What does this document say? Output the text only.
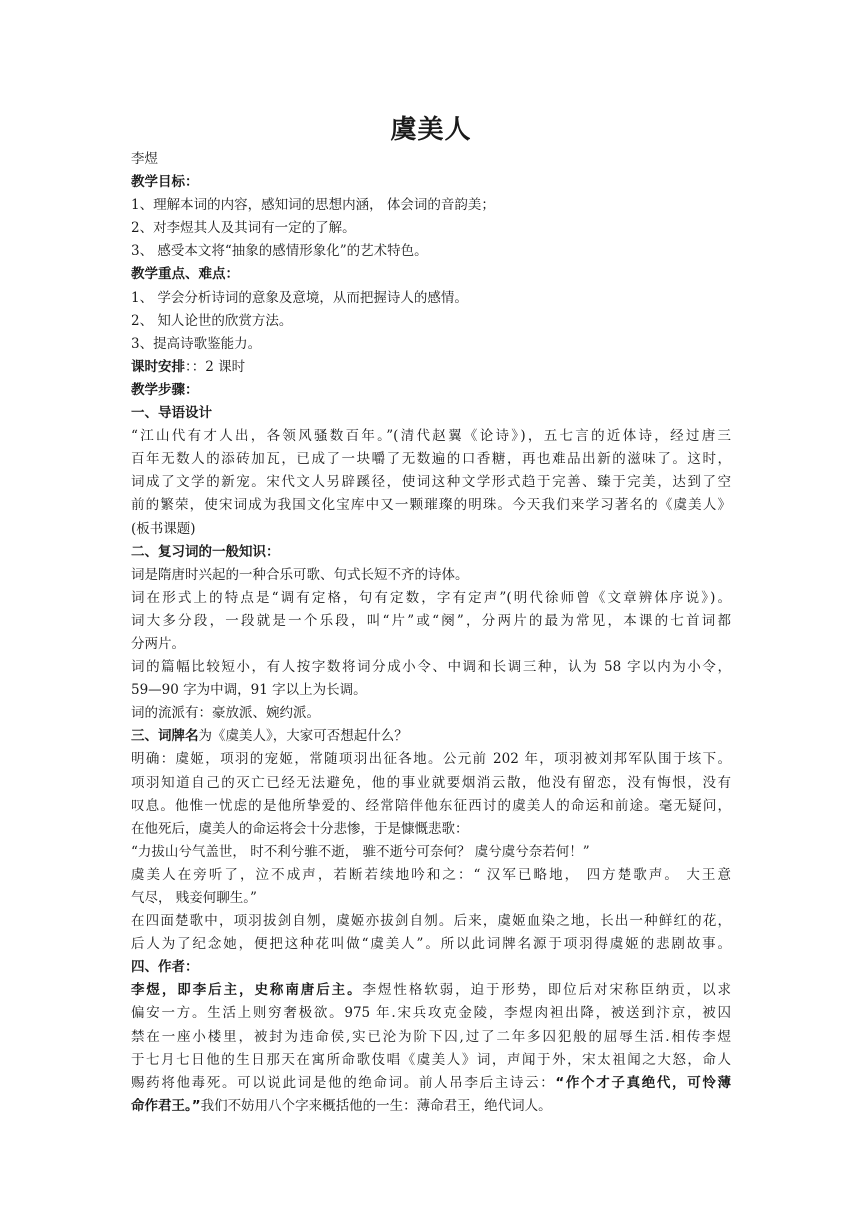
虞美人
李煜
教学目标：
1、理解本词的内容，感知词的思想内涵， 体会词的音韵美；
2、对李煜其人及其词有一定的了解。
3、 感受本文将“抽象的感情形象化”的艺术特色。
教学重点、难点：
1、 学会分析诗词的意象及意境，从而把握诗人的感情。
2、 知人论世的欣赏方法。
3、提高诗歌鉴能力。
课时安排：：2 课时
教学步骤：
一、导语设计
“江山代有才人出，各领风骚数百年。”(清代赵翼《论诗》)，五七言的近体诗，经过唐三
百年无数人的添砖加瓦，已成了一块嚼了无数遍的口香糖，再也难品出新的滋味了。这时，
词成了文学的新宠。宋代文人另辟蹊径，使词这种文学形式趋于完善、臻于完美，达到了空
前的繁荣，使宋词成为我国文化宝库中又一颗璀璨的明珠。今天我们来学习著名的《虞美人》
(板书课题)
二、复习词的一般知识：
词是隋唐时兴起的一种合乐可歌、句式长短不齐的诗体。
词在形式上的特点是“调有定格，句有定数，字有定声”(明代徐师曾《文章辨体序说》)。
词大多分段，一段就是一个乐段，叫“片”或“阕”，分两片的最为常见，本课的七首词都
分两片。
词的篇幅比较短小，有人按字数将词分成小令、中调和长调三种，认为 58 字以内为小令，
59—90 字为中调，91 字以上为长调。
词的流派有：豪放派、婉约派。
三、词牌名为《虞美人》，大家可否想起什么？
明确：虞姬，项羽的宠姬，常随项羽出征各地。公元前 202 年，项羽被刘邦军队围于垓下。
项羽知道自己的灭亡已经无法避免，他的事业就要烟消云散，他没有留恋，没有悔恨，没有
叹息。他惟一忧虑的是他所挚爱的、经常陪伴他东征西讨的虞美人的命运和前途。毫无疑问，
在他死后，虞美人的命运将会十分悲惨，于是慷慨悲歌：
“力拔山兮气盖世， 时不利兮骓不逝， 骓不逝兮可奈何？ 虞兮虞兮奈若何！”
虞美人在旁听了，泣不成声，若断若续地吟和之：“ 汉军已略地， 四方楚歌声。 大王意
气尽， 贱妾何聊生。”
在四面楚歌中，项羽拔剑自刎，虞姬亦拔剑自刎。后来，虞姬血染之地，长出一种鲜红的花，
后人为了纪念她，便把这种花叫做“虞美人”。所以此词牌名源于项羽得虞姬的悲剧故事。
四、作者：
李煜，即李后主，史称南唐后主。李煜性格软弱，迫于形势，即位后对宋称臣纳贡，以求
偏安一方。生活上则穷奢极欲。975 年.宋兵攻克金陵，李煜肉袒出降，被送到汴京，被囚
禁在一座小楼里，被封为违命侯,实已沦为阶下囚,过了二年多囚犯般的屈辱生活.相传李煜
于七月七日他的生日那天在寓所命歌伎唱《虞美人》词，声闻于外，宋太祖闻之大怒，命人
赐药将他毒死。可以说此词是他的绝命词。前人吊李后主诗云：“作个才子真绝代，可怜薄
命作君王。”我们不妨用八个字来概括他的一生：薄命君王，绝代词人。
